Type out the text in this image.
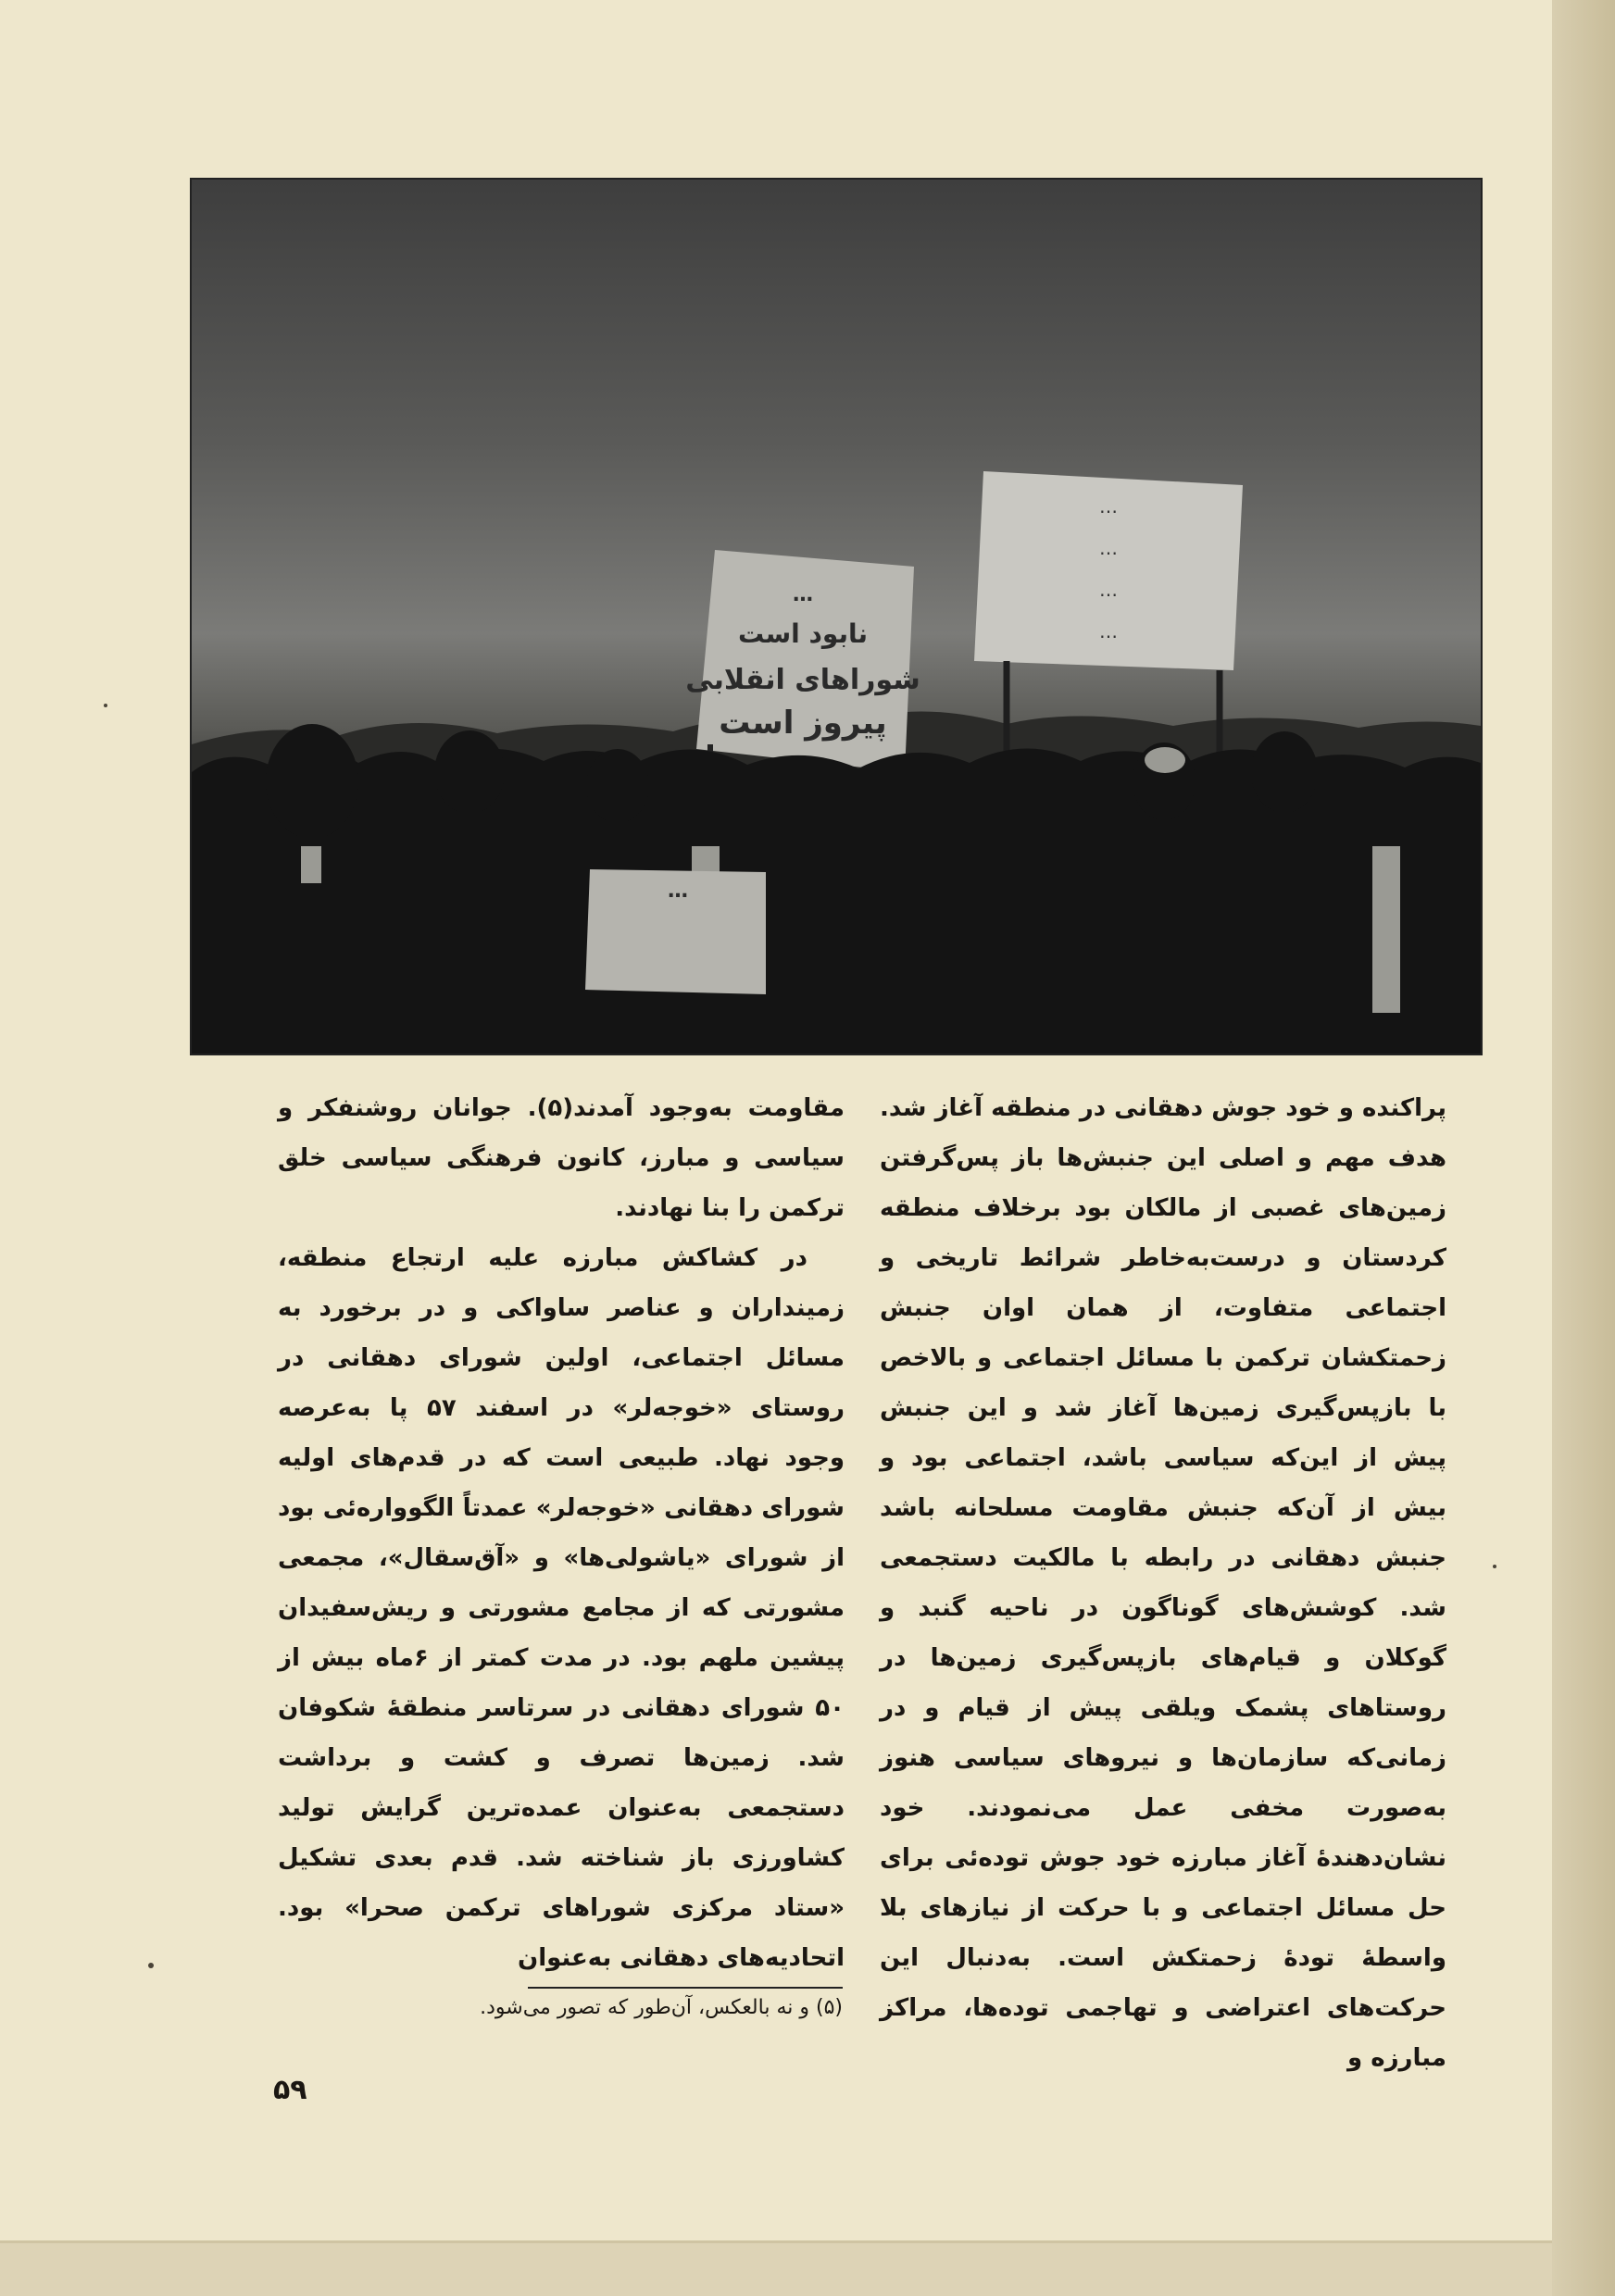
…
نابود است
شوراهای انقلابی
پیروز است
…
…
…
…
…

پراکنده و خود جوش دهقانی در منطقه آغاز شد. هدف مهم و اصلی این جنبش‌ها باز پس‌گرفتن زمین‌های غصبی از مالکان بود برخلاف منطقه کردستان و درست‌به‌خاطر شرائط تاریخی و اجتماعی متفاوت، از همان اوان جنبش زحمتکشان ترکمن با مسائل اجتماعی و بالاخص با بازپس‌گیری زمین‌ها آغاز شد و این جنبش پیش از این‌که سیاسی باشد، اجتماعی بود و بیش از آن‌که جنبش مقاومت مسلحانه باشد جنبش دهقانی در رابطه با مالکیت دستجمعی شد. کوشش‌های گوناگون در ناحیه گنبد و گوکلان و قیام‌های بازپس‌گیری زمین‌ها در روستاهای پشمک ویلقی پیش از قیام و در زمانی‌که سازمان‌ها و نیروهای سیاسی هنوز به‌صورت مخفی عمل می‌نمودند. خود نشان‌دهندهٔ آغاز مبارزه خود جوش توده‌ئی برای حل مسائل اجتماعی و با حرکت از نیازهای بلا واسطهٔ تودهٔ زحمتکش است. به‌دنبال این حرکت‌های اعتراضی و تهاجمی توده‌ها، مراکز مبارزه و

مقاومت به‌وجود آمدند(۵). جوانان روشنفکر و سیاسی و مبارز، کانون فرهنگی سیاسی خلق ترکمن را بنا نهادند.

در کشاکش مبارزه علیه ارتجاع منطقه، زمینداران و عناصر ساواکی و در برخورد به مسائل اجتماعی، اولین شورای دهقانی در روستای «خوجه‌لر» در اسفند ۵۷ پا به‌عرصه وجود نهاد. طبیعی است که در قدم‌های اولیه شورای دهقانی «خوجه‌لر» عمدتاً الگوواره‌ئی بود از شورای «یاشولی‌ها» و «آق‌سقال»، مجمعی مشورتی که از مجامع مشورتی و ریش‌سفیدان پیشین ملهم بود. در مدت کمتر از ۶ماه بیش از ۵۰ شورای دهقانی در سرتاسر منطقهٔ شکوفان شد. زمین‌ها تصرف و کشت و برداشت دستجمعی به‌عنوان عمده‌ترین گرایش تولید کشاورزی باز شناخته شد. قدم بعدی تشکیل «ستاد مرکزی شوراهای ترکمن صحرا» بود. اتحادیه‌های دهقانی به‌عنوان

(۵) و نه بالعکس، آن‌طور که تصور می‌شود.
۵۹
